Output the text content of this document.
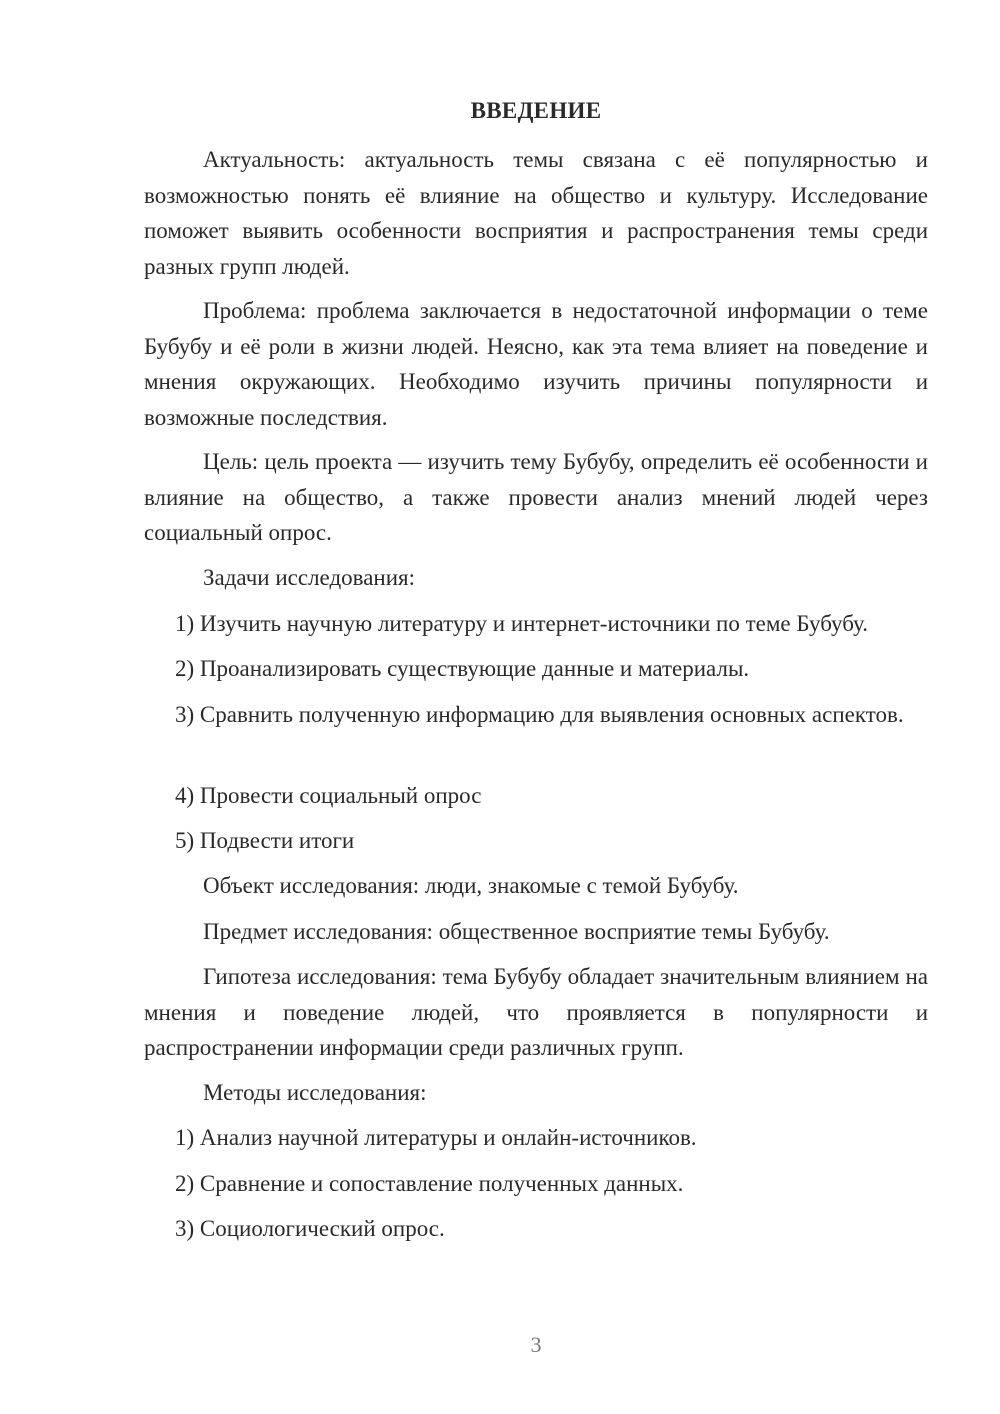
ВВЕДЕНИЕ

Актуальность: актуальность темы связана с её популярностью и возможностью понять её влияние на общество и культуру. Исследование поможет выявить особенности восприятия и распространения темы среди разных групп людей.

Проблема: проблема заключается в недостаточной информации о теме Бубубу и её роли в жизни людей. Неясно, как эта тема влияет на поведение и мнения окружающих. Необходимо изучить причины популярности и возможные последствия.

Цель: цель проекта — изучить тему Бубубу, определить её особенности и влияние на общество, а также провести анализ мнений людей через социальный опрос.

Задачи исследования:

1) Изучить научную литературу и интернет-источники по теме Бубубу.

2) Проанализировать существующие данные и материалы.

3) Сравнить полученную информацию для выявления основных аспектов.

4) Провести социальный опрос

5) Подвести итоги

Объект исследования: люди, знакомые с темой Бубубу.

Предмет исследования: общественное восприятие темы Бубубу.

Гипотеза исследования: тема Бубубу обладает значительным влиянием на мнения и поведение людей, что проявляется в популярности и распространении информации среди различных групп.

Методы исследования:

1) Анализ научной литературы и онлайн-источников.

2) Сравнение и сопоставление полученных данных.

3) Социологический опрос.

3
